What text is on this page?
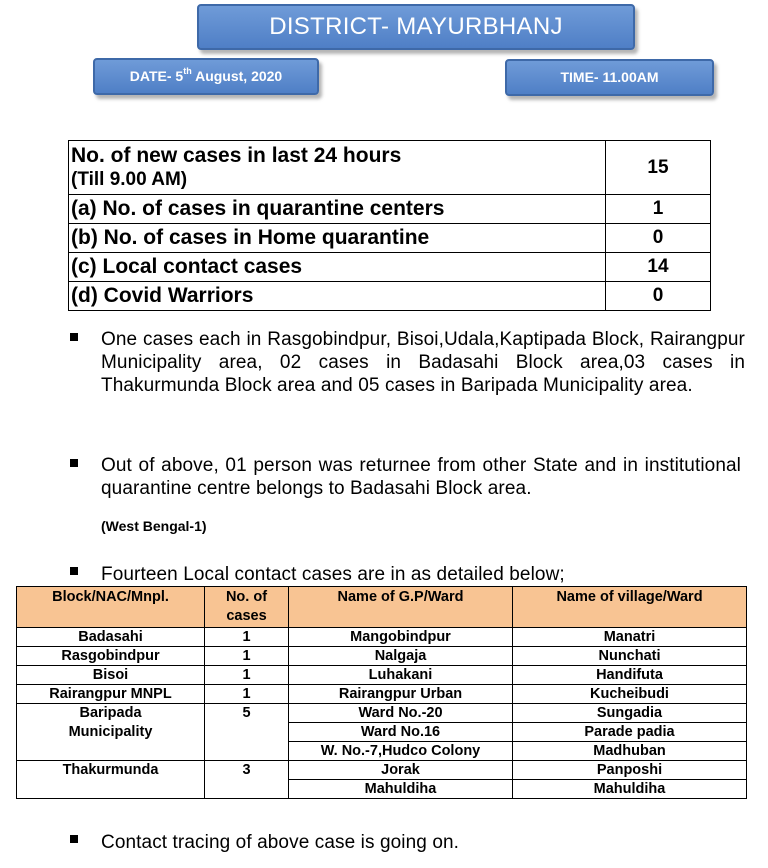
DISTRICT- MAYURBHANJ
DATE- 5th August, 2020	TIME- 11.00AM
No. of new cases in last 24 hours
(Till 9.00 AM)	15
(a) No. of cases in quarantine centers	1
(b) No. of cases in Home quarantine	0
(c) Local contact cases	14
(d) Covid Warriors	0
One cases each in Rasgobindpur, Bisoi,Udala,Kaptipada Block, Rairangpur Municipality area, 02 cases in Badasahi Block area,03 cases in Thakurmunda Block area and 05 cases in Baripada Municipality area.
Out of above, 01 person was returnee from other State and in institutional quarantine centre belongs to Badasahi Block area.
(West Bengal-1)
Fourteen Local contact cases are in as detailed below;
Block/NAC/Mnpl.	No. of cases	Name of G.P/Ward	Name of village/Ward
Badasahi	1	Mangobindpur	Manatri
Rasgobindpur	1	Nalgaja	Nunchati
Bisoi	1	Luhakani	Handifuta
Rairangpur MNPL	1	Rairangpur Urban	Kucheibudi
Baripada	5	Ward No.-20	Sungadia
Municipality		Ward No.16	Parade padia
		W. No.-7,Hudco Colony	Madhuban
Thakurmunda	3	Jorak	Panposhi
		Mahuldiha	Mahuldiha
Contact tracing of above case is going on.
